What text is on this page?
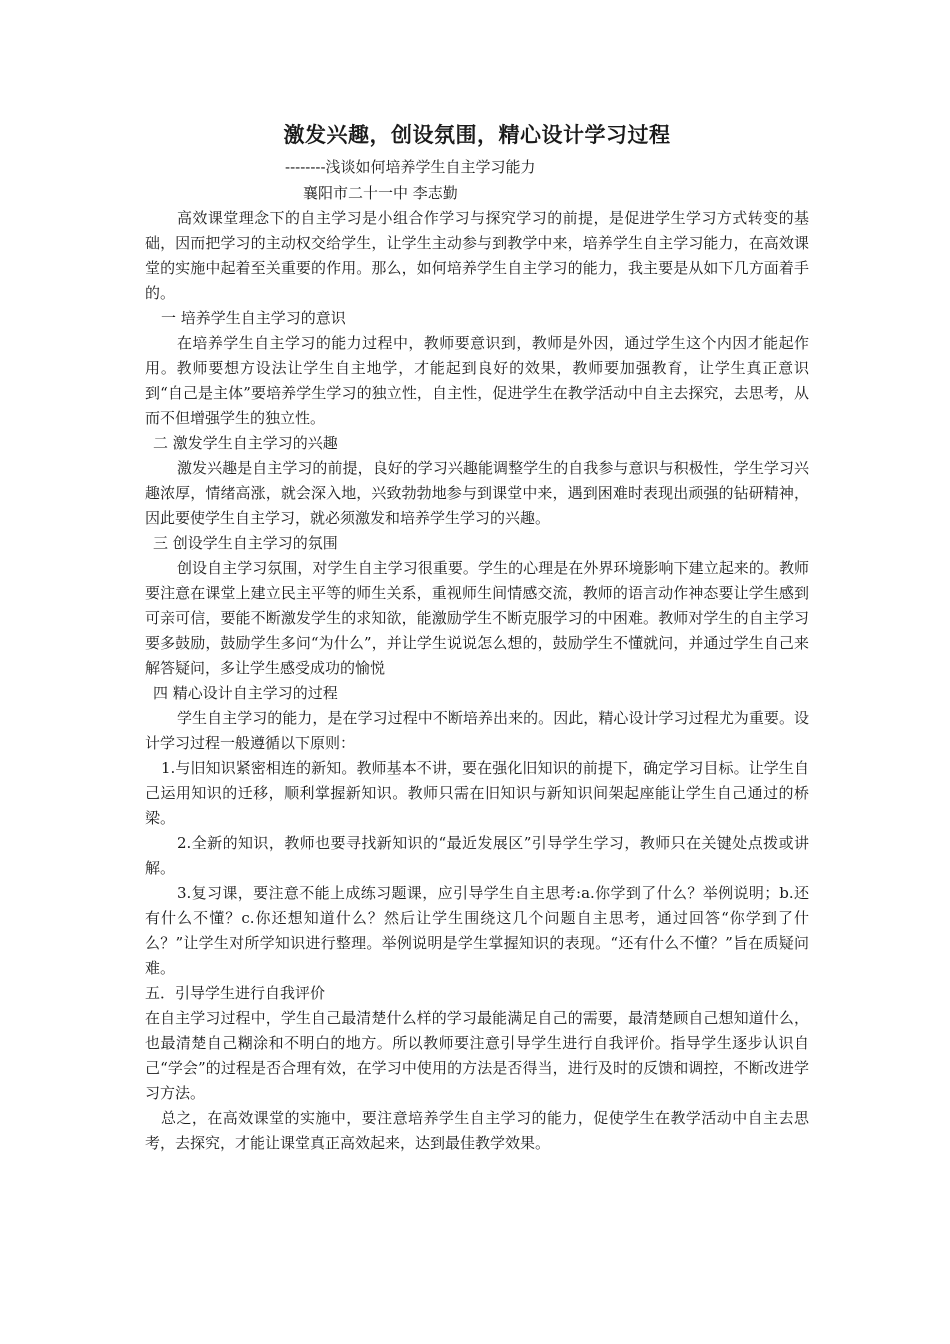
激发兴趣，创设氛围，精心设计学习过程
--------浅谈如何培养学生自主学习能力
襄阳市二十一中 李志勤

高效课堂理念下的自主学习是小组合作学习与探究学习的前提，是促进学生学习方式转变的基础，因而把学习的主动权交给学生，让学生主动参与到教学中来，培养学生自主学习能力，在高效课堂的实施中起着至关重要的作用。那么，如何培养学生自主学习的能力，我主要是从如下几方面着手的。

一 培养学生自主学习的意识

在培养学生自主学习的能力过程中，教师要意识到，教师是外因，通过学生这个内因才能起作用。教师要想方设法让学生自主地学，才能起到良好的效果，教师要加强教育，让学生真正意识到“自己是主体”要培养学生学习的独立性，自主性，促进学生在教学活动中自主去探究，去思考，从而不但增强学生的独立性。

二 激发学生自主学习的兴趣

激发兴趣是自主学习的前提，良好的学习兴趣能调整学生的自我参与意识与积极性，学生学习兴趣浓厚，情绪高涨，就会深入地，兴致勃勃地参与到课堂中来，遇到困难时表现出顽强的钻研精神，因此要使学生自主学习，就必须激发和培养学生学习的兴趣。

三 创设学生自主学习的氛围

创设自主学习氛围，对学生自主学习很重要。学生的心理是在外界环境影响下建立起来的。教师要注意在课堂上建立民主平等的师生关系，重视师生间情感交流，教师的语言动作神态要让学生感到可亲可信，要能不断激发学生的求知欲，能激励学生不断克服学习的中困难。教师对学生的自主学习要多鼓励，鼓励学生多问“为什么”，并让学生说说怎么想的，鼓励学生不懂就问，并通过学生自己来解答疑问，多让学生感受成功的愉悦

四 精心设计自主学习的过程

学生自主学习的能力，是在学习过程中不断培养出来的。因此，精心设计学习过程尤为重要。设计学习过程一般遵循以下原则：

1.与旧知识紧密相连的新知。教师基本不讲，要在强化旧知识的前提下，确定学习目标。让学生自己运用知识的迁移，顺利掌握新知识。教师只需在旧知识与新知识间架起座能让学生自己通过的桥梁。

2.全新的知识，教师也要寻找新知识的“最近发展区”引导学生学习，教师只在关键处点拨或讲解。

3.复习课，要注意不能上成练习题课，应引导学生自主思考:a.你学到了什么？举例说明；b.还有什么不懂？c.你还想知道什么？然后让学生围绕这几个问题自主思考，通过回答“你学到了什么？”让学生对所学知识进行整理。举例说明是学生掌握知识的表现。“还有什么不懂？”旨在质疑问难。

五．引导学生进行自我评价

在自主学习过程中，学生自己最清楚什么样的学习最能满足自己的需要，最清楚顾自己想知道什么，也最清楚自己糊涂和不明白的地方。所以教师要注意引导学生进行自我评价。指导学生逐步认识自己“学会”的过程是否合理有效，在学习中使用的方法是否得当，进行及时的反馈和调控，不断改进学习方法。

总之，在高效课堂的实施中，要注意培养学生自主学习的能力，促使学生在教学活动中自主去思考，去探究，才能让课堂真正高效起来，达到最佳教学效果。
